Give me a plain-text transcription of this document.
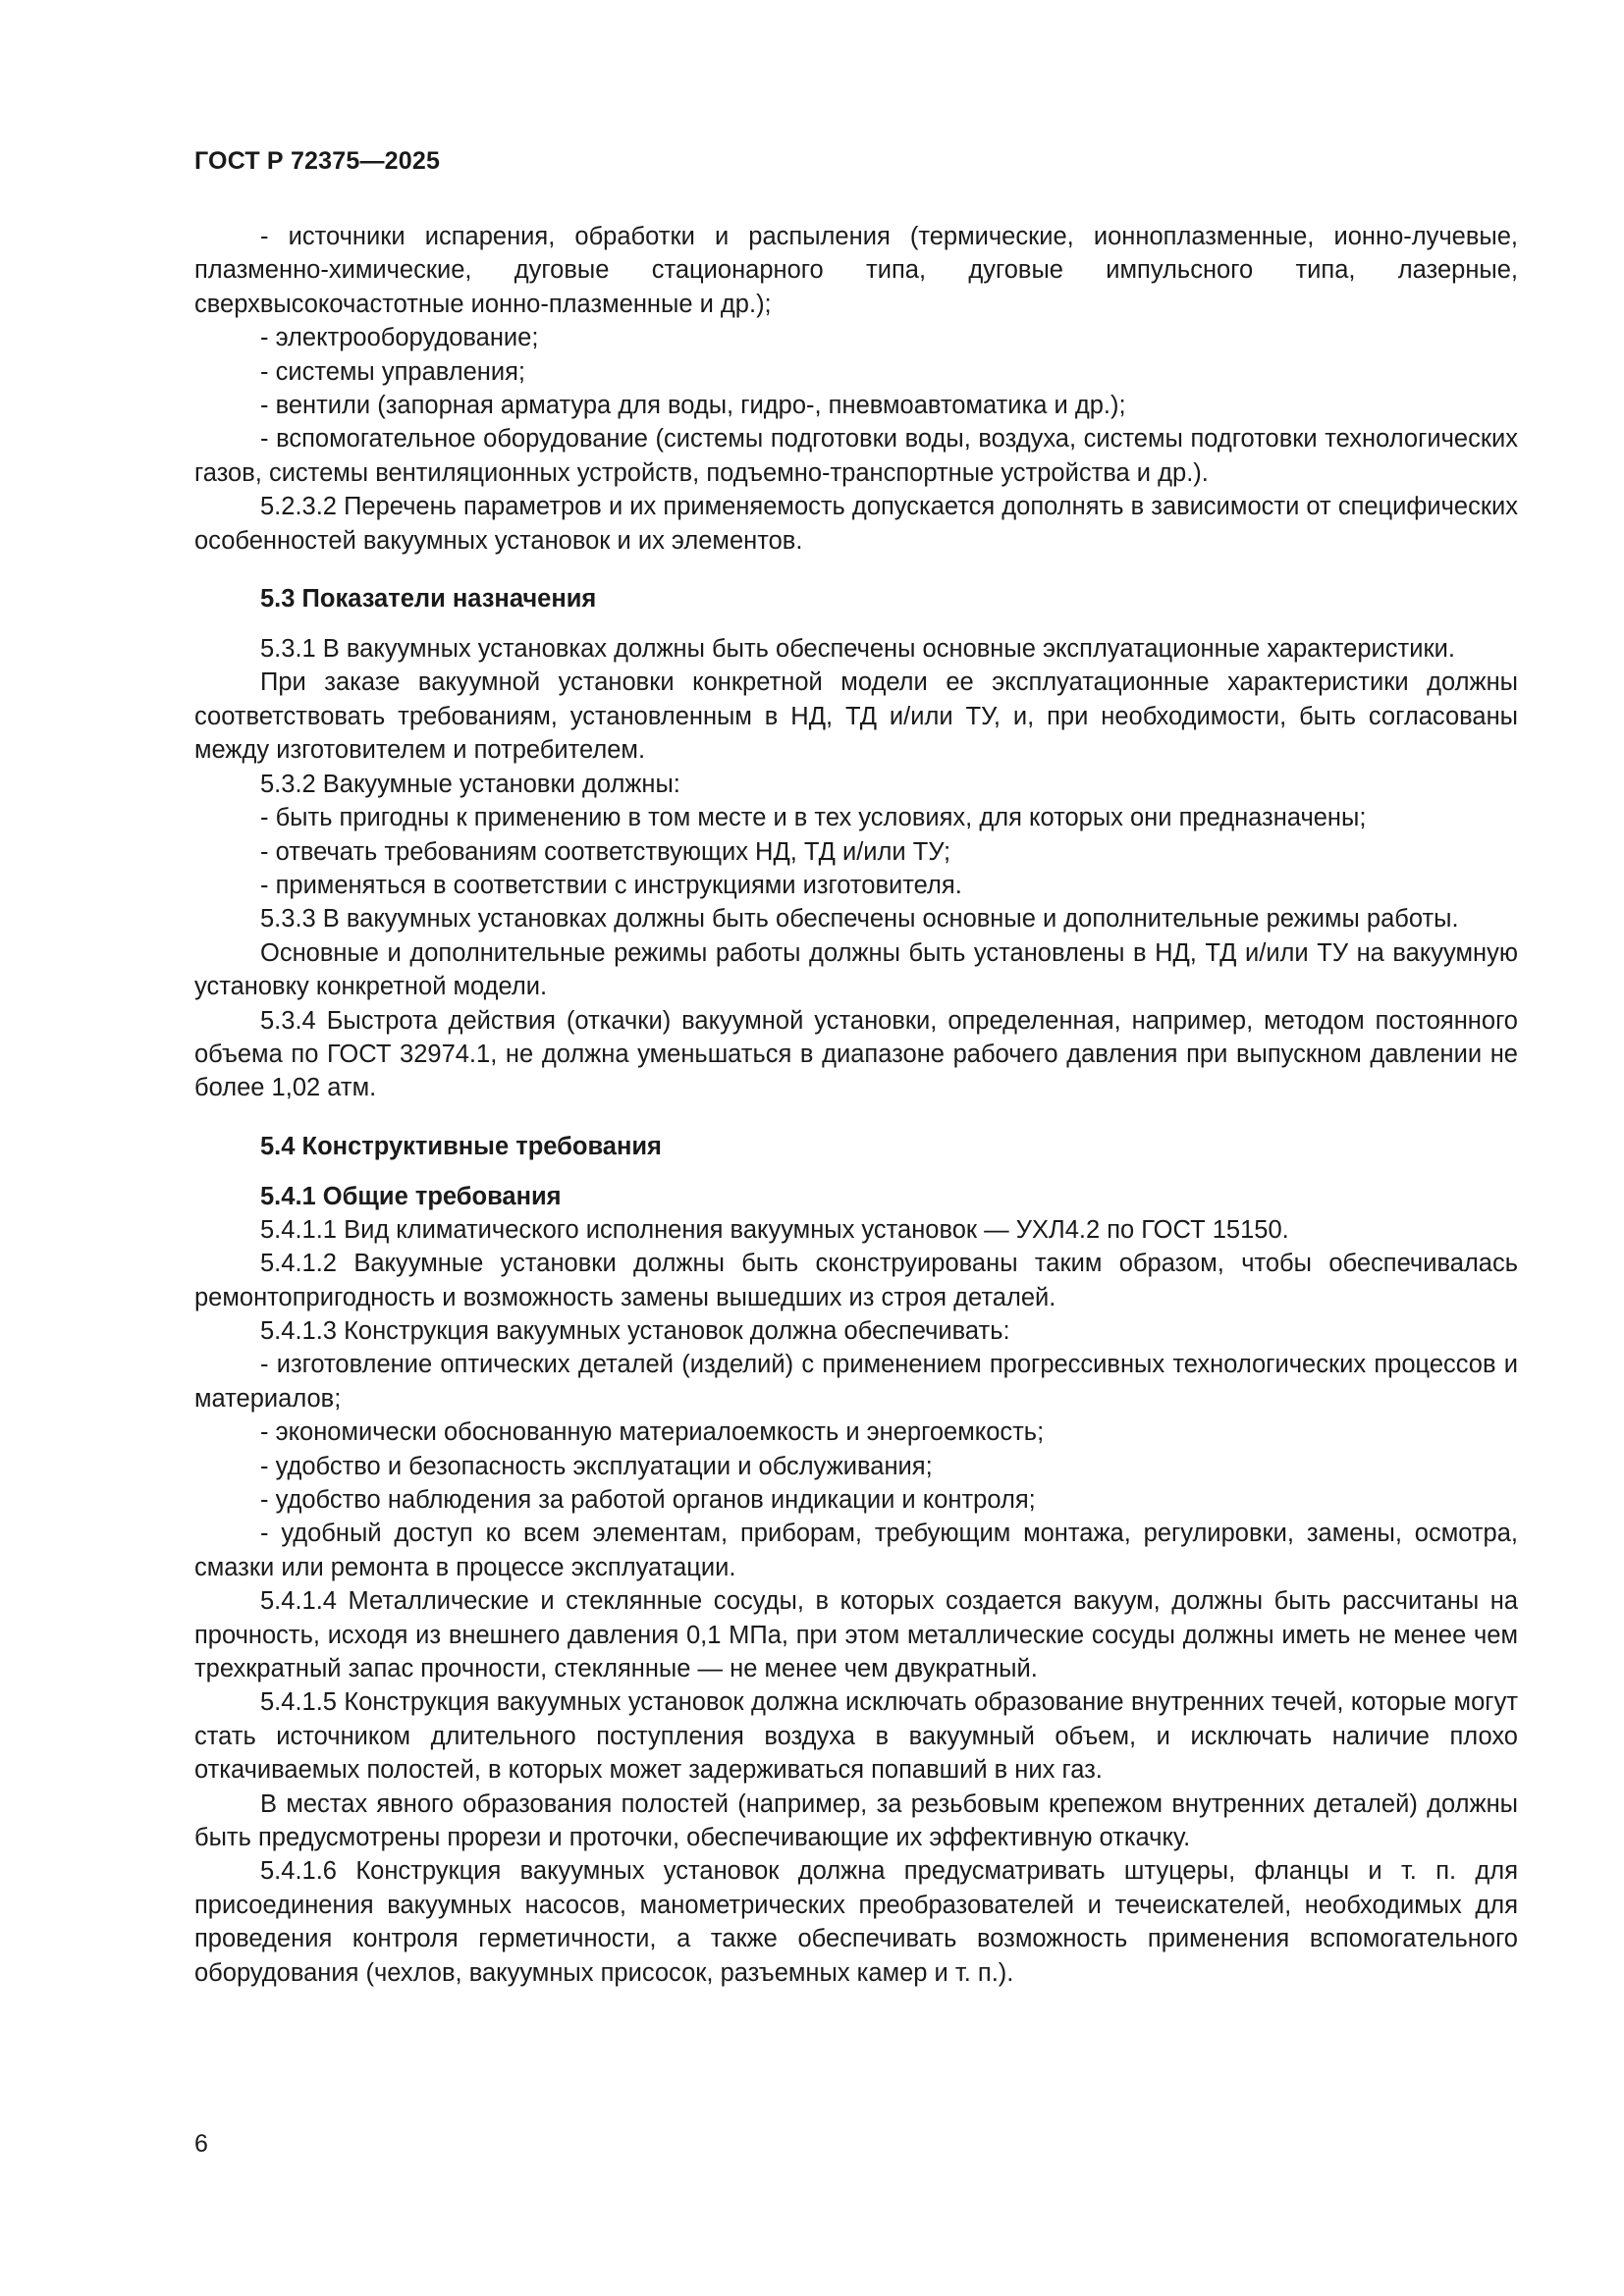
ГОСТ Р 72375—2025

- источники испарения, обработки и распыления (термические, ионноплазменные, ионно-лучевые, плазменно-химические, дуговые стационарного типа, дуговые импульсного типа, лазерные, сверхвысокочастотные ионно-плазменные и др.);

- электрооборудование;

- системы управления;

- вентили (запорная арматура для воды, гидро-, пневмоавтоматика и др.);

- вспомогательное оборудование (системы подготовки воды, воздуха, системы подготовки технологических газов, системы вентиляционных устройств, подъемно-транспортные устройства и др.).

5.2.3.2 Перечень параметров и их применяемость допускается дополнять в зависимости от специфических особенностей вакуумных установок и их элементов.

5.3 Показатели назначения

5.3.1 В вакуумных установках должны быть обеспечены основные эксплуатационные характеристики.

При заказе вакуумной установки конкретной модели ее эксплуатационные характеристики должны соответствовать требованиям, установленным в НД, ТД и/или ТУ, и, при необходимости, быть согласованы между изготовителем и потребителем.

5.3.2 Вакуумные установки должны:

- быть пригодны к применению в том месте и в тех условиях, для которых они предназначены;

- отвечать требованиям соответствующих НД, ТД и/или ТУ;

- применяться в соответствии с инструкциями изготовителя.

5.3.3 В вакуумных установках должны быть обеспечены основные и дополнительные режимы работы.

Основные и дополнительные режимы работы должны быть установлены в НД, ТД и/или ТУ на вакуумную установку конкретной модели.

5.3.4 Быстрота действия (откачки) вакуумной установки, определенная, например, методом постоянного объема по ГОСТ 32974.1, не должна уменьшаться в диапазоне рабочего давления при выпускном давлении не более 1,02 атм.

5.4 Конструктивные требования

5.4.1 Общие требования

5.4.1.1 Вид климатического исполнения вакуумных установок — УХЛ4.2 по ГОСТ 15150.

5.4.1.2 Вакуумные установки должны быть сконструированы таким образом, чтобы обеспечивалась ремонтопригодность и возможность замены вышедших из строя деталей.

5.4.1.3 Конструкция вакуумных установок должна обеспечивать:

- изготовление оптических деталей (изделий) с применением прогрессивных технологических процессов и материалов;

- экономически обоснованную материалоемкость и энергоемкость;

- удобство и безопасность эксплуатации и обслуживания;

- удобство наблюдения за работой органов индикации и контроля;

- удобный доступ ко всем элементам, приборам, требующим монтажа, регулировки, замены, осмотра, смазки или ремонта в процессе эксплуатации.

5.4.1.4 Металлические и стеклянные сосуды, в которых создается вакуум, должны быть рассчитаны на прочность, исходя из внешнего давления 0,1 МПа, при этом металлические сосуды должны иметь не менее чем трехкратный запас прочности, стеклянные — не менее чем двукратный.

5.4.1.5 Конструкция вакуумных установок должна исключать образование внутренних течей, которые могут стать источником длительного поступления воздуха в вакуумный объем, и исключать наличие плохо откачиваемых полостей, в которых может задерживаться попавший в них газ.

В местах явного образования полостей (например, за резьбовым крепежом внутренних деталей) должны быть предусмотрены прорези и проточки, обеспечивающие их эффективную откачку.

5.4.1.6 Конструкция вакуумных установок должна предусматривать штуцеры, фланцы и т. п. для присоединения вакуумных насосов, манометрических преобразователей и течеискателей, необходимых для проведения контроля герметичности, а также обеспечивать возможность применения вспомогательного оборудования (чехлов, вакуумных присосок, разъемных камер и т. п.).

6
